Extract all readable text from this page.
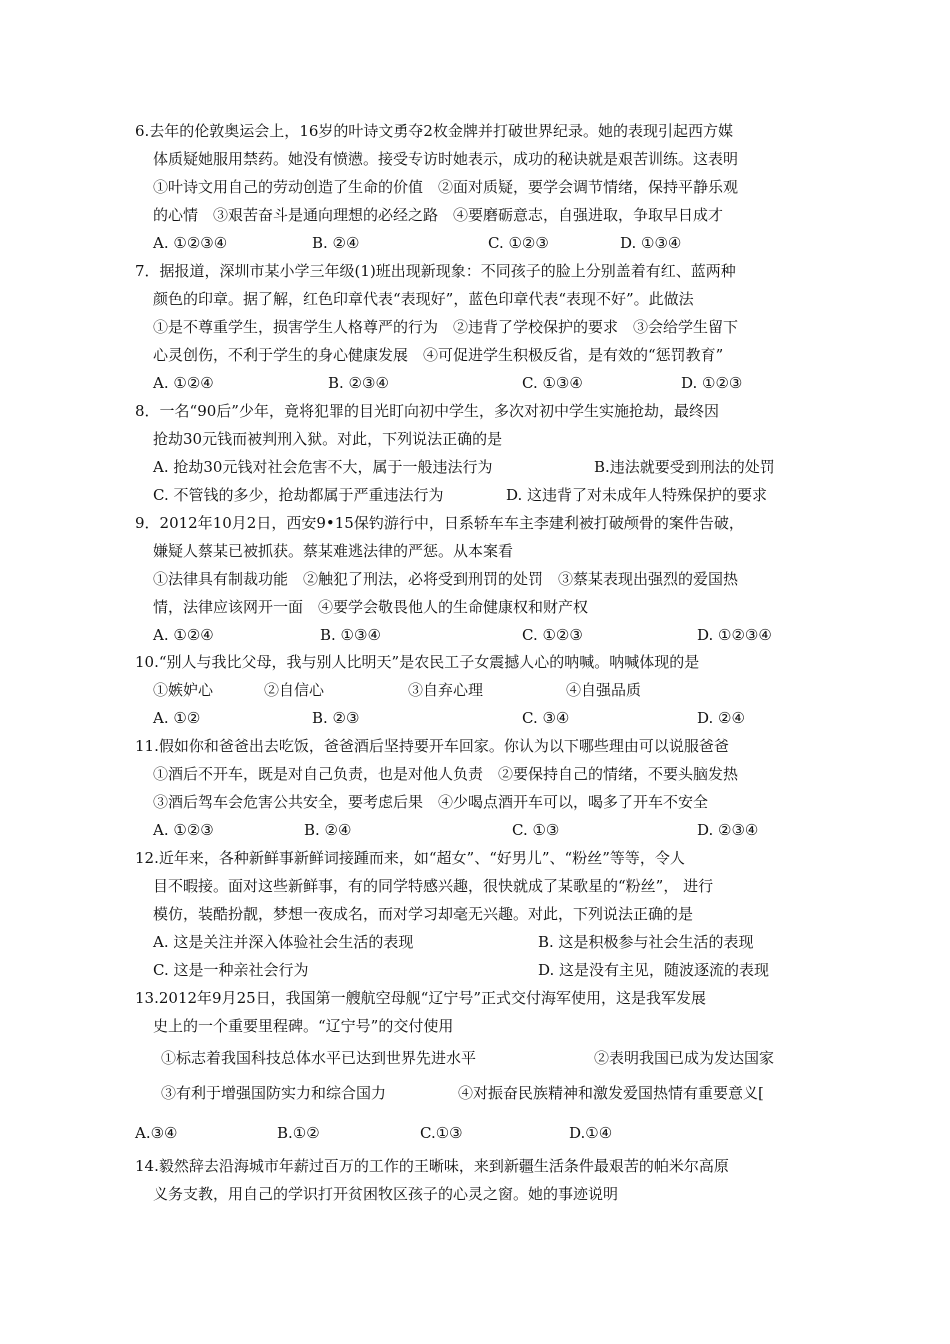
6.去年的伦敦奥运会上，16岁的叶诗文勇夺2枚金牌并打破世界纪录。她的表现引起西方媒
体质疑她服用禁药。她没有愤懑。接受专访时她表示，成功的秘诀就是艰苦训练。这表明
①叶诗文用自己的劳动创造了生命的价值　②面对质疑，要学会调节情绪，保持平静乐观
的心情　③艰苦奋斗是通向理想的必经之路　④要磨砺意志，自强进取，争取早日成才
A. ①②③④	B. ②④	C. ①②③	D. ①③④
7．据报道，深圳市某小学三年级(1)班出现新现象：不同孩子的脸上分别盖着有红、蓝两种
颜色的印章。据了解，红色印章代表“表现好”，蓝色印章代表“表现不好”。此做法
①是不尊重学生，损害学生人格尊严的行为　②违背了学校保护的要求　③会给学生留下
心灵创伤，不利于学生的身心健康发展　④可促进学生积极反省，是有效的“惩罚教育”
A. ①②④	B. ②③④	C. ①③④	D. ①②③
8．一名“90后”少年，竟将犯罪的目光盯向初中学生，多次对初中学生实施抢劫，最终因
抢劫30元钱而被判刑入狱。对此，下列说法正确的是
A. 抢劫30元钱对社会危害不大，属于一般违法行为	B.违法就要受到刑法的处罚
C. 不管钱的多少，抢劫都属于严重违法行为	D. 这违背了对未成年人特殊保护的要求
9．2012年10月2日，西安9•15保钓游行中，日系轿车车主李建利被打破颅骨的案件告破，
嫌疑人蔡某已被抓获。蔡某难逃法律的严惩。从本案看
①法律具有制裁功能　②触犯了刑法，必将受到刑罚的处罚　③蔡某表现出强烈的爱国热
情，法律应该网开一面　④要学会敬畏他人的生命健康权和财产权
A. ①②④	B. ①③④	C. ①②③	D. ①②③④
10.“别人与我比父母，我与别人比明天”是农民工子女震撼人心的呐喊。呐喊体现的是
①嫉妒心	②自信心	③自弃心理	④自强品质
A. ①②	B. ②③	C. ③④	D. ②④
11.假如你和爸爸出去吃饭，爸爸酒后坚持要开车回家。你认为以下哪些理由可以说服爸爸
①酒后不开车，既是对自己负责，也是对他人负责　②要保持自己的情绪，不要头脑发热
③酒后驾车会危害公共安全，要考虑后果　④少喝点酒开车可以，喝多了开车不安全
A. ①②③	B. ②④	C. ①③	D. ②③④
12.近年来，各种新鲜事新鲜词接踵而来，如“超女”、“好男儿”、“粉丝”等等，令人
目不暇接。面对这些新鲜事，有的同学特感兴趣，很快就成了某歌星的“粉丝”， 进行
模仿，装酷扮靓，梦想一夜成名，而对学习却毫无兴趣。对此，下列说法正确的是
A. 这是关注并深入体验社会生活的表现	B. 这是积极参与社会生活的表现
C. 这是一种亲社会行为	D. 这是没有主见，随波逐流的表现
13.2012年9月25日，我国第一艘航空母舰“辽宁号”正式交付海军使用，这是我军发展
史上的一个重要里程碑。“辽宁号”的交付使用
①标志着我国科技总体水平已达到世界先进水平	②表明我国已成为发达国家
③有利于增强国防实力和综合国力	④对振奋民族精神和激发爱国热情有重要意义[
A.③④	B.①②	C.①③	D.①④
14.毅然辞去沿海城市年薪过百万的工作的王晰味，来到新疆生活条件最艰苦的帕米尔高原
义务支教，用自己的学识打开贫困牧区孩子的心灵之窗。她的事迹说明
